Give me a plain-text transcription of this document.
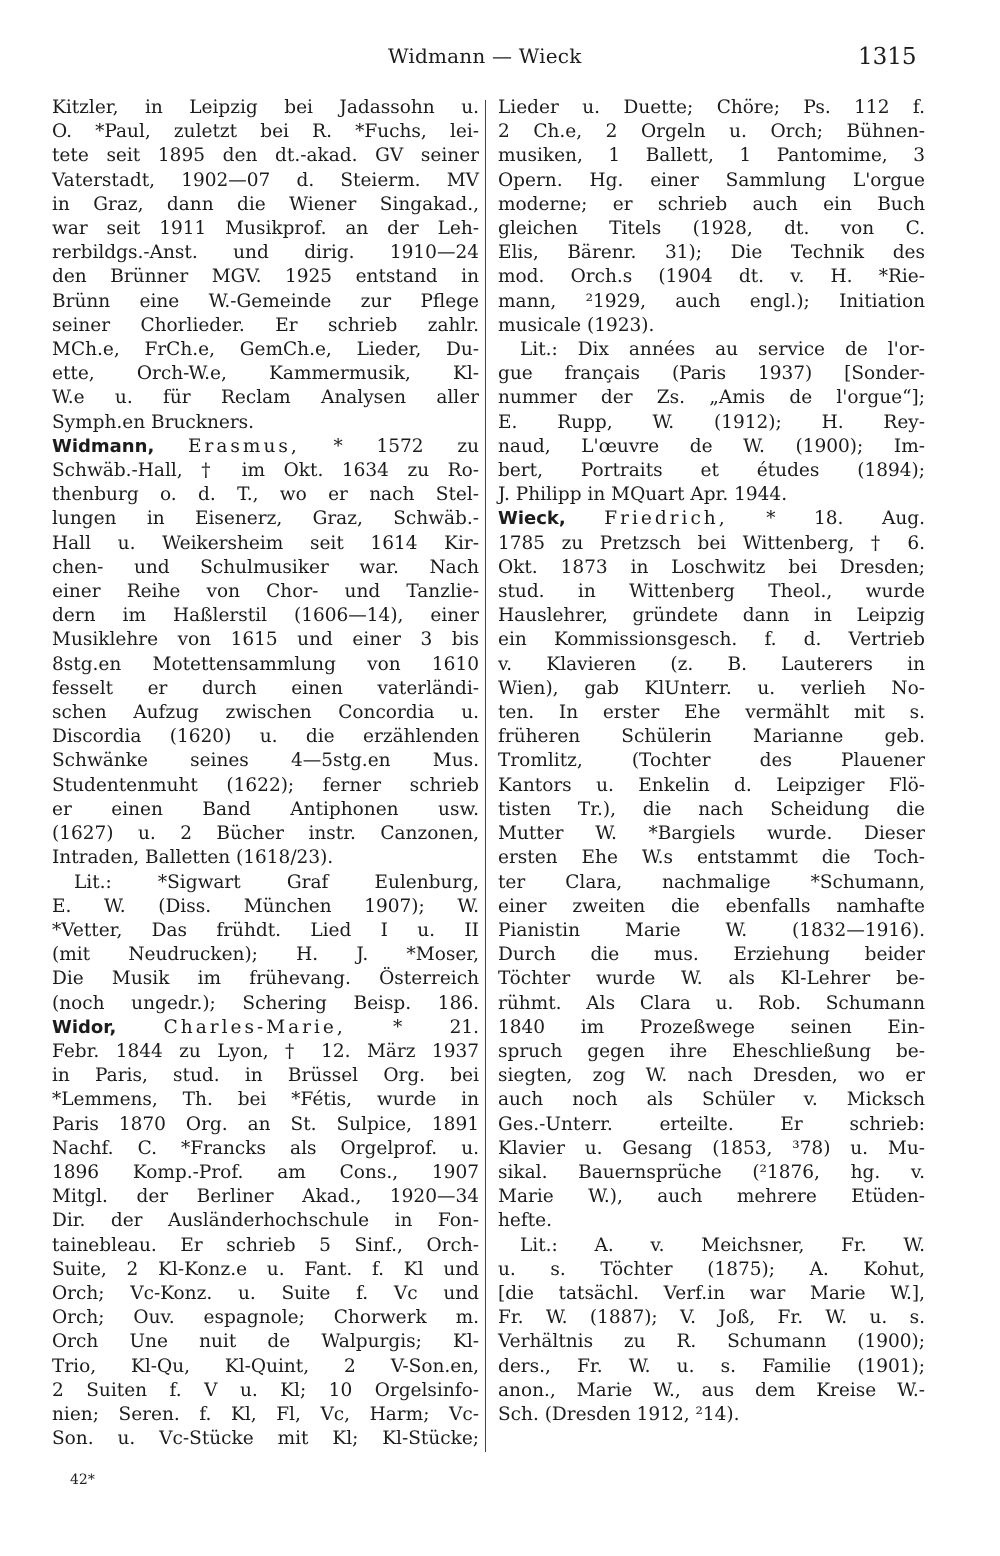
Widmann — Wieck	1315
Kitzler, in Leipzig bei Jadassohn u.
O. *Paul, zuletzt bei R. *Fuchs, lei-
tete seit 1895 den dt.-akad. GV seiner
Vaterstadt, 1902—07 d. Steierm. MV
in Graz, dann die Wiener Singakad.,
war seit 1911 Musikprof. an der Leh-
rerbildgs.-Anst. und dirig. 1910—24
den Brünner MGV. 1925 entstand in
Brünn eine W.-Gemeinde zur Pflege
seiner Chorlieder. Er schrieb zahlr.
MCh.e, FrCh.e, GemCh.e, Lieder, Du-
ette, Orch-W.e, Kammermusik, Kl-
W.e u. für Reclam Analysen aller
Symph.en Bruckners.
Widmann, Erasmus, * 1572 zu
Schwäb.-Hall, † im Okt. 1634 zu Ro-
thenburg o. d. T., wo er nach Stel-
lungen in Eisenerz, Graz, Schwäb.-
Hall u. Weikersheim seit 1614 Kir-
chen- und Schulmusiker war. Nach
einer Reihe von Chor- und Tanzlie-
dern im Haßlerstil (1606—14), einer
Musiklehre von 1615 und einer 3 bis
8stg.en Motettensammlung von 1610
fesselt er durch einen vaterländi-
schen Aufzug zwischen Concordia u.
Discordia (1620) u. die erzählenden
Schwänke seines 4—5stg.en Mus.
Studentenmuht (1622); ferner schrieb
er einen Band Antiphonen usw.
(1627) u. 2 Bücher instr. Canzonen,
Intraden, Balletten (1618/23).
Lit.: *Sigwart Graf Eulenburg,
E. W. (Diss. München 1907); W.
*Vetter, Das frühdt. Lied I u. II
(mit Neudrucken); H. J. *Moser,
Die Musik im frühevang. Österreich
(noch ungedr.); Schering Beisp. 186.
Widor,	Charles-Marie,	* 21.
Febr. 1844 zu Lyon, † 12. März 1937
in Paris, stud. in Brüssel Org. bei
*Lemmens, Th. bei *Fétis, wurde in
Paris 1870 Org. an St. Sulpice, 1891
Nachf. C. *Francks als Orgelprof. u.
1896 Komp.-Prof. am Cons., 1907
Mitgl. der Berliner Akad., 1920—34
Dir. der Ausländerhochschule in Fon-
tainebleau. Er schrieb 5 Sinf., Orch-
Suite, 2 Kl-Konz.e u. Fant. f. Kl und
Orch; Vc-Konz. u. Suite f. Vc und
Orch; Ouv. espagnole; Chorwerk m.
Orch Une nuit de Walpurgis; Kl-
Trio, Kl-Qu, Kl-Quint, 2 V-Son.en,
2 Suiten f. V u. Kl; 10 Orgelsinfo-
nien; Seren. f. Kl, Fl, Vc, Harm; Vc-
Son. u. Vc-Stücke mit Kl; Kl-Stücke;
Lieder u. Duette; Chöre; Ps. 112 f.
2 Ch.e, 2 Orgeln u. Orch; Bühnen-
musiken, 1 Ballett, 1 Pantomime, 3
Opern. Hg. einer Sammlung L'orgue
moderne; er schrieb auch ein Buch
gleichen Titels (1928, dt. von C.
Elis, Bärenr. 31); Die Technik des
mod. Orch.s (1904 dt. v. H. *Rie-
mann, ²1929, auch engl.); Initiation
musicale (1923).
Lit.: Dix années au service de l'or-
gue français (Paris 1937) [Sonder-
nummer der Zs. „Amis de l'orgue“];
E. Rupp, W. (1912); H. Rey-
naud, L'œuvre de W. (1900); Im-
bert, Portraits et études (1894);
J. Philipp in MQuart Apr. 1944.
Wieck, Friedrich, * 18. Aug.
1785 zu Pretzsch bei Wittenberg, † 6.
Okt. 1873 in Loschwitz bei Dresden;
stud. in Wittenberg Theol., wurde
Hauslehrer, gründete dann in Leipzig
ein Kommissionsgesch. f. d. Vertrieb
v. Klavieren (z. B. Lauterers in
Wien), gab KlUnterr. u. verlieh No-
ten. In erster Ehe vermählt mit s.
früheren Schülerin Marianne geb.
Tromlitz, (Tochter des Plauener
Kantors u. Enkelin d. Leipziger Flö-
tisten Tr.), die nach Scheidung die
Mutter W. *Bargiels wurde. Dieser
ersten Ehe W.s entstammt die Toch-
ter Clara, nachmalige *Schumann,
einer zweiten die ebenfalls namhafte
Pianistin Marie W. (1832—1916).
Durch die mus. Erziehung beider
Töchter wurde W. als Kl-Lehrer be-
rühmt. Als Clara u. Rob. Schumann
1840 im Prozeßwege seinen Ein-
spruch gegen ihre Eheschließung be-
siegten, zog W. nach Dresden, wo er
auch noch als Schüler v. Micksch
Ges.-Unterr. erteilte. Er schrieb:
Klavier u. Gesang (1853, ³78) u. Mu-
sikal. Bauernsprüche (²1876, hg. v.
Marie W.), auch mehrere Etüden-
hefte.
Lit.: A. v. Meichsner, Fr. W.
u. s. Töchter (1875); A. Kohut,
[die tatsächl. Verf.in war Marie W.],
Fr. W. (1887); V. Joß, Fr. W. u. s.
Verhältnis zu R. Schumann (1900);
ders., Fr. W. u. s. Familie (1901);
anon., Marie W., aus dem Kreise W.-
Sch. (Dresden 1912, ²14).
42*
